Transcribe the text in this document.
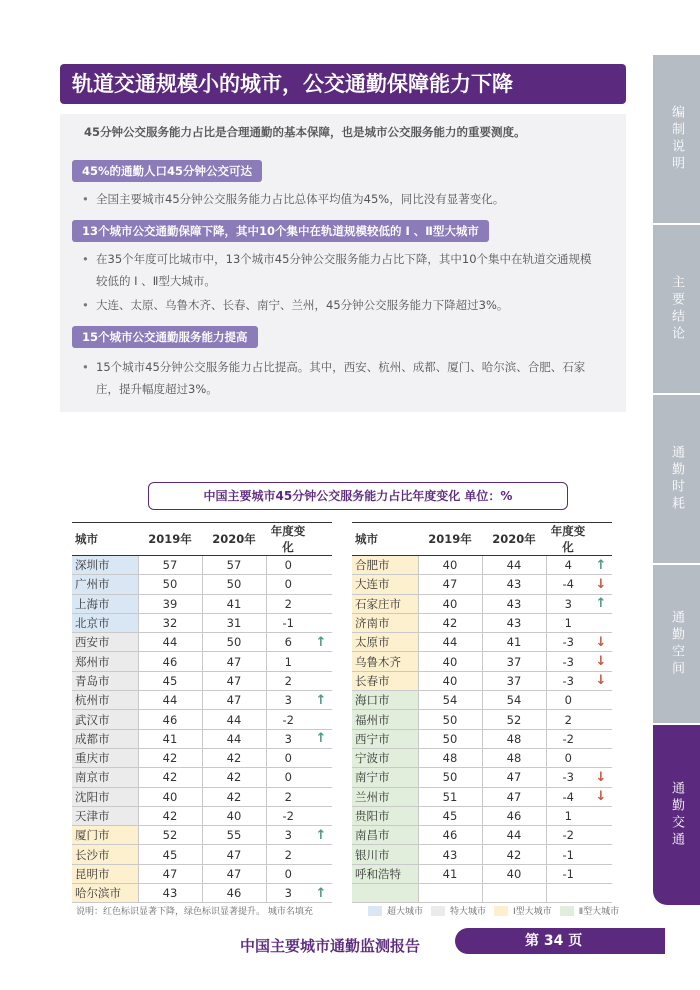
轨道交通规模小的城市，公交通勤保障能力下降
编制说明
主要结论
通勤时耗
通勤空间
通勤交通
45分钟公交服务能力占比是合理通勤的基本保障，也是城市公交服务能力的重要测度。
45%的通勤人口45分钟公交可达
• 全国主要城市45分钟公交服务能力占比总体平均值为45%，同比没有显著变化。
13个城市公交通勤保障下降，其中10个集中在轨道规模较低的 Ⅰ 、Ⅱ型大城市
• 在35个年度可比城市中，13个城市45分钟公交服务能力占比下降，其中10个集中在轨道交通规模较低的 Ⅰ 、Ⅱ型大城市。
• 大连、太原、乌鲁木齐、长春、南宁、兰州，45分钟公交服务能力下降超过3%。
15个城市公交通勤服务能力提高
• 15个城市45分钟公交服务能力占比提高。其中，西安、杭州、成都、厦门、哈尔滨、合肥、石家庄，提升幅度超过3%。
中国主要城市45分钟公交服务能力占比年度变化 单位：%
城市	2019年	2020年	年度变化	
深圳市	57	57	0	
广州市	50	50	0	
上海市	39	41	2	
北京市	32	31	-1	
西安市	44	50	6	↑
郑州市	46	47	1	
青岛市	45	47	2	
杭州市	44	47	3	↑
武汉市	46	44	-2	
成都市	41	44	3	↑
重庆市	42	42	0	
南京市	42	42	0	
沈阳市	40	42	2	
天津市	42	40	-2	
厦门市	52	55	3	↑
长沙市	45	47	2	
昆明市	47	47	0	
哈尔滨市	43	46	3	↑
城市	2019年	2020年	年度变化	
合肥市	40	44	4	↑
大连市	47	43	-4	↓
石家庄市	40	43	3	↑
济南市	42	43	1	
太原市	44	41	-3	↓
乌鲁木齐	40	37	-3	↓
长春市	40	37	-3	↓
海口市	54	54	0	
福州市	50	52	2	
西宁市	50	48	-2	
宁波市	48	48	0	
南宁市	50	47	-3	↓
兰州市	51	47	-4	↓
贵阳市	45	46	1	
南昌市	46	44	-2	
银川市	43	42	-1	
呼和浩特	41	40	-1	

说明：红色标识显著下降，绿色标识显著提升。 城市名填充	超大城市	特大城市	Ⅰ型大城市	Ⅱ型大城市
中国主要城市通勤监测报告	第 34 页
